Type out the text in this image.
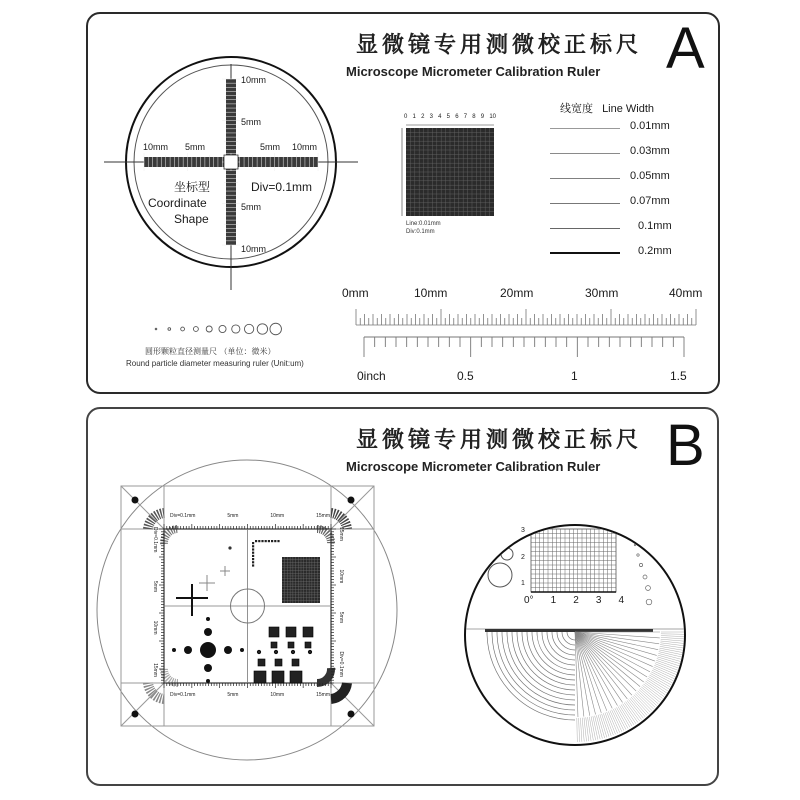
显微镜专用测微校正标尺
Microscope Micrometer Calibration Ruler A
10mm 5mm	5mm 10mm
10mm
5mm
5mm
10mm
坐标型
Coordinate
Shape
Div=0.1mm
0 1 2 3 4 5 6 7 8 9 10
Line:0.01mm
Div:0.1mm
线宽度 Line Width
0.01mm
0.03mm
0.05mm
0.07mm
0.1mm
0.2mm
0mm	10mm	20mm	30mm	40mm
0inch	0.5	1	1.5
圆形颗粒直径测量尺 （单位：微米）
Round particle diameter measuring ruler (Unit:um)
显微镜专用测微校正标尺
Microscope Micrometer Calibration Ruler B
Div=0.1mm	5mm	10mm	15mm
Div=0.1mm	5mm	10mm	15mm
Div=0.1mm
5mm
10mm
15mm
15mm
10mm
5mm
Div=0.1mm
0° 1 2 3 4
3
2
1
